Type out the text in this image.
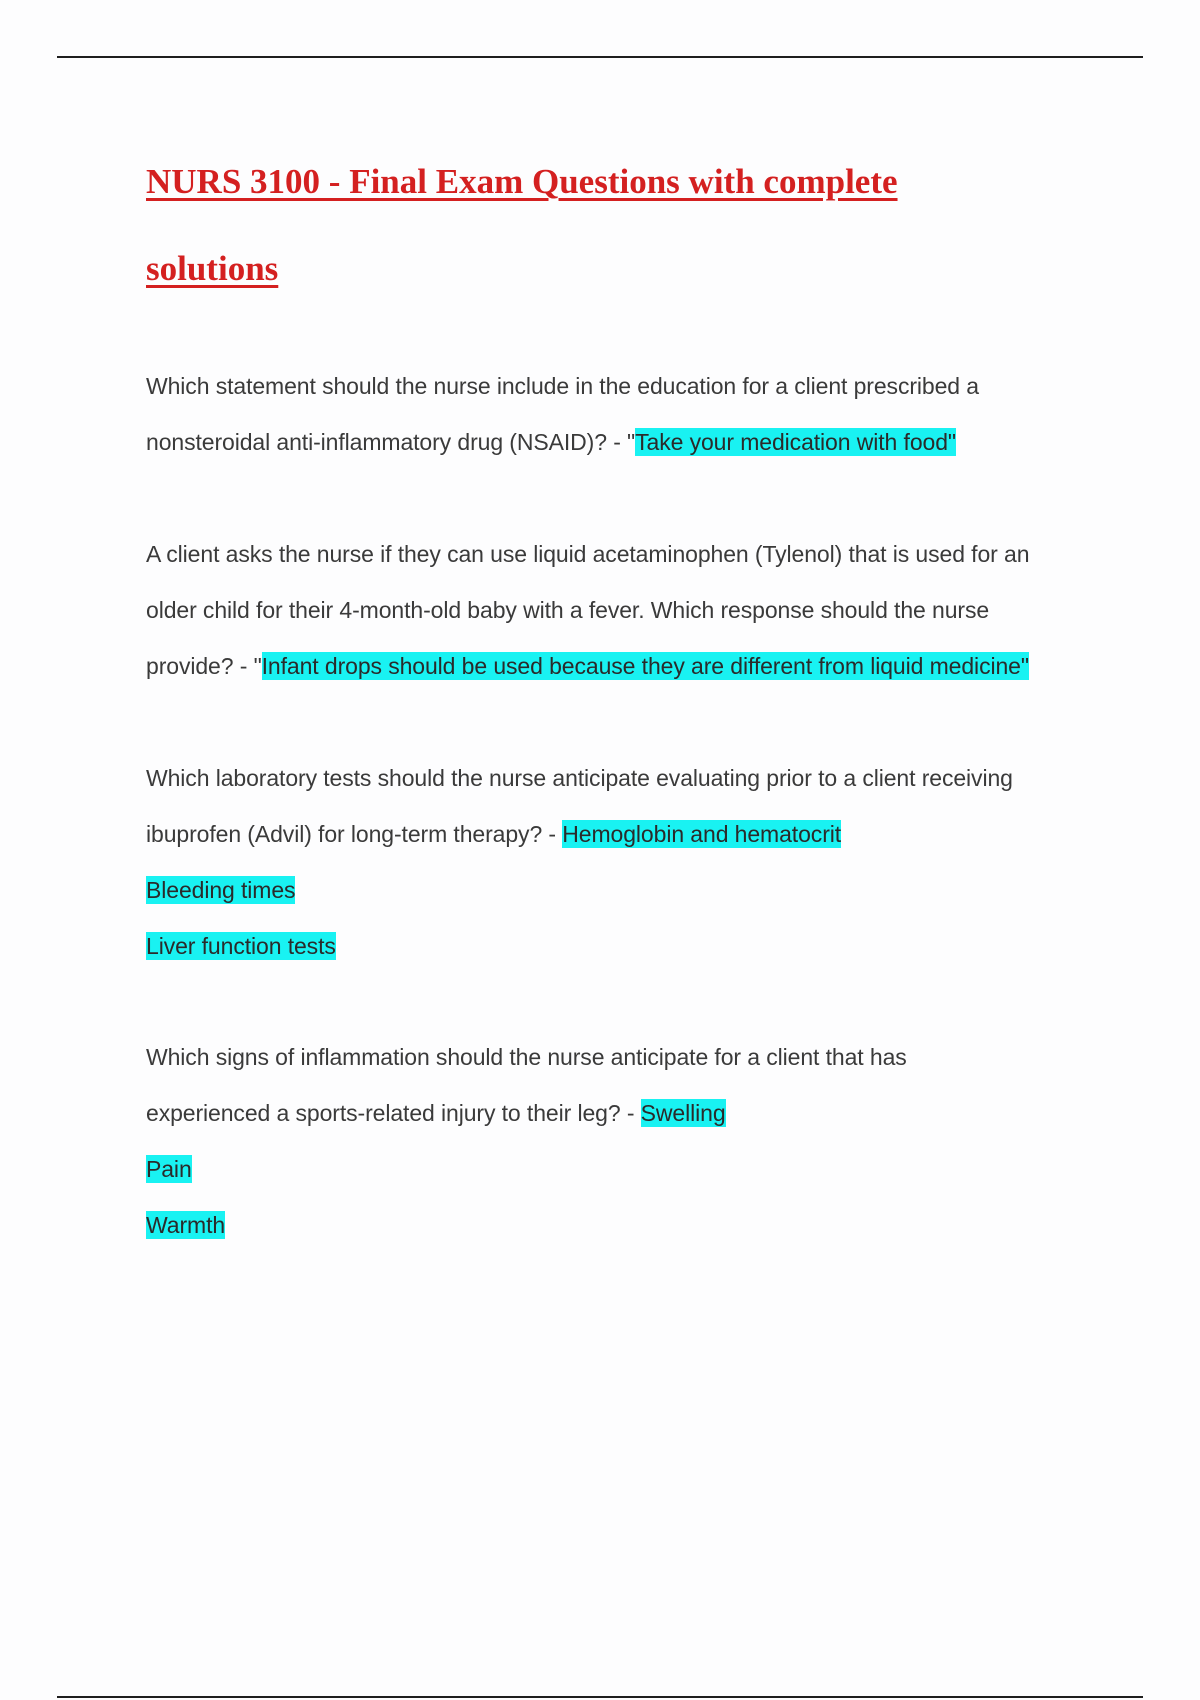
NURS 3100 - Final Exam Questions with complete
solutions
Which statement should the nurse include in the education for a client prescribed a
nonsteroidal anti-inflammatory drug (NSAID)? - "Take your medication with food"
A client asks the nurse if they can use liquid acetaminophen (Tylenol) that is used for an
older child for their 4-month-old baby with a fever. Which response should the nurse
provide? - "Infant drops should be used because they are different from liquid medicine"
Which laboratory tests should the nurse anticipate evaluating prior to a client receiving
ibuprofen (Advil) for long-term therapy? - Hemoglobin and hematocrit
Bleeding times
Liver function tests
Which signs of inflammation should the nurse anticipate for a client that has
experienced a sports-related injury to their leg? - Swelling
Pain
Warmth
